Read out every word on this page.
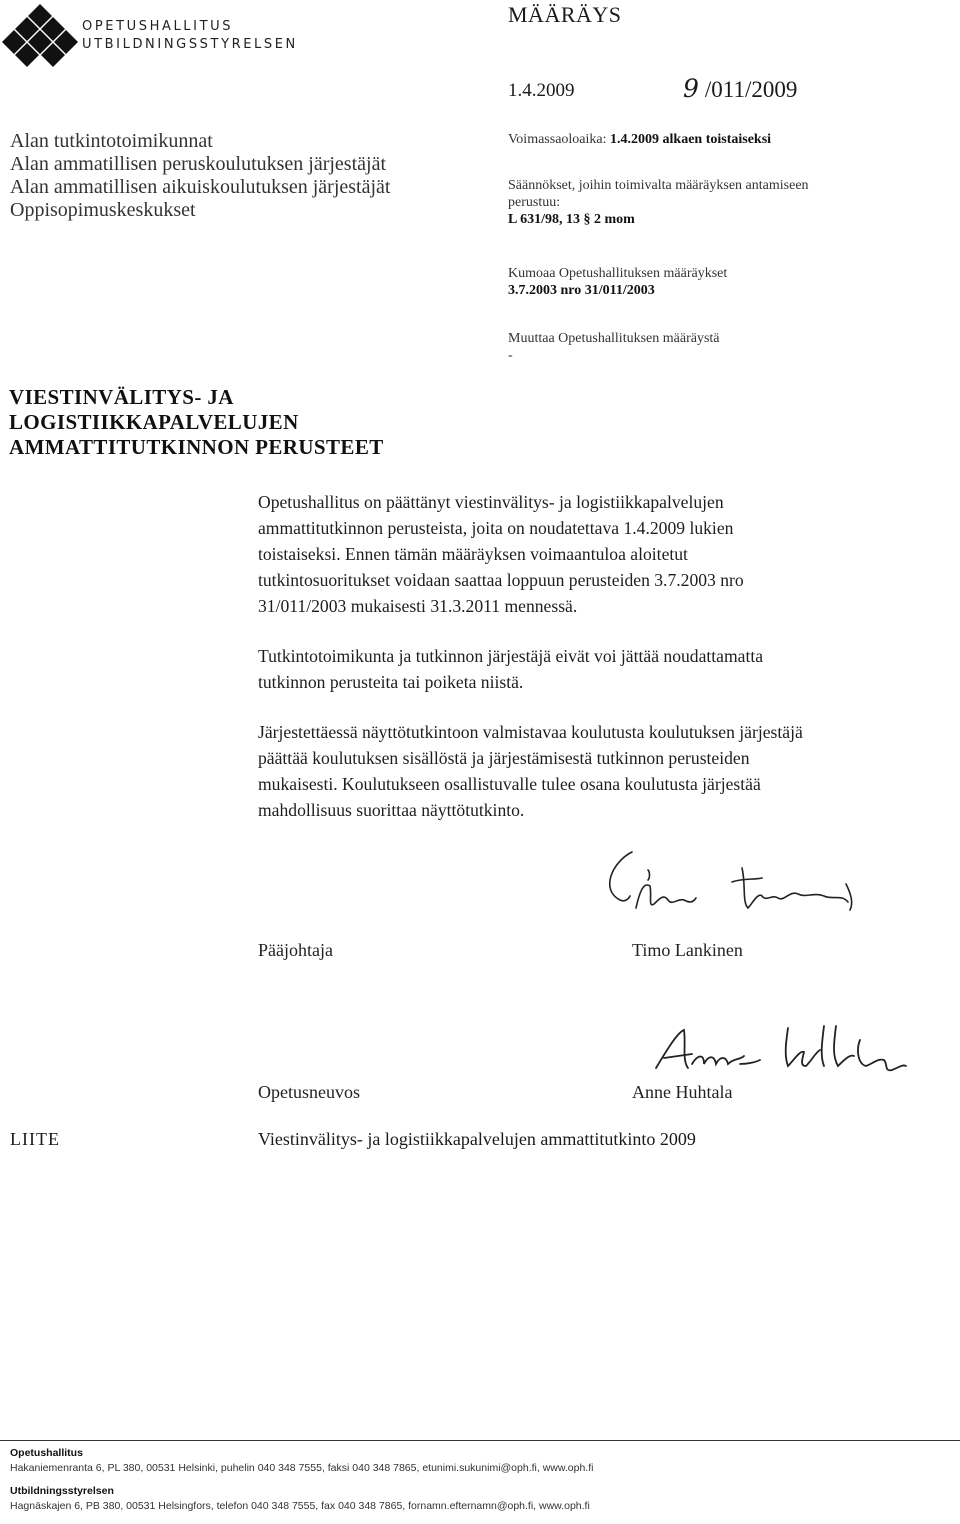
OPETUSHALLITUS
UTBILDNINGSSTYRELSEN
MÄÄRÄYS
1.4.2009	9 /011/2009
Alan tutkintotoimikunnat
Alan ammatillisen peruskoulutuksen järjestäjät
Alan ammatillisen aikuiskoulutuksen järjestäjät
Oppisopimuskeskukset
Voimassaoloaika: 1.4.2009 alkaen toistaiseksi
Säännökset, joihin toimivalta määräyksen antamiseen
perustuu:
L 631/98, 13 § 2 mom
Kumoaa Opetushallituksen määräykset
3.7.2003 nro 31/011/2003
Muuttaa Opetushallituksen määräystä
-
VIESTINVÄLITYS- JA
LOGISTIIKKAPALVELUJEN
AMMATTITUTKINNON PERUSTEET
Opetushallitus on päättänyt viestinvälitys- ja logistiikkapalvelujen
ammattitutkinnon perusteista, joita on noudatettava 1.4.2009 lukien
toistaiseksi. Ennen tämän määräyksen voimaantuloa aloitetut
tutkintosuoritukset voidaan saattaa loppuun perusteiden 3.7.2003 nro
31/011/2003 mukaisesti 31.3.2011 mennessä.
Tutkintotoimikunta ja tutkinnon järjestäjä eivät voi jättää noudattamatta
tutkinnon perusteita tai poiketa niistä.
Järjestettäessä näyttötutkintoon valmistavaa koulutusta koulutuksen järjestäjä
päättää koulutuksen sisällöstä ja järjestämisestä tutkinnon perusteiden
mukaisesti. Koulutukseen osallistuvalle tulee osana koulutusta järjestää
mahdollisuus suorittaa näyttötutkinto.
Pääjohtaja	Timo Lankinen
Opetusneuvos	Anne Huhtala
LIITE	Viestinvälitys- ja logistiikkapalvelujen ammattitutkinto 2009
Opetushallitus
Hakaniemenranta 6, PL 380, 00531 Helsinki, puhelin 040 348 7555, faksi 040 348 7865, etunimi.sukunimi@oph.fi, www.oph.fi
Utbildningsstyrelsen
Hagnäskajen 6, PB 380, 00531 Helsingfors, telefon 040 348 7555, fax 040 348 7865, fornamn.efternamn@oph.fi, www.oph.fi
